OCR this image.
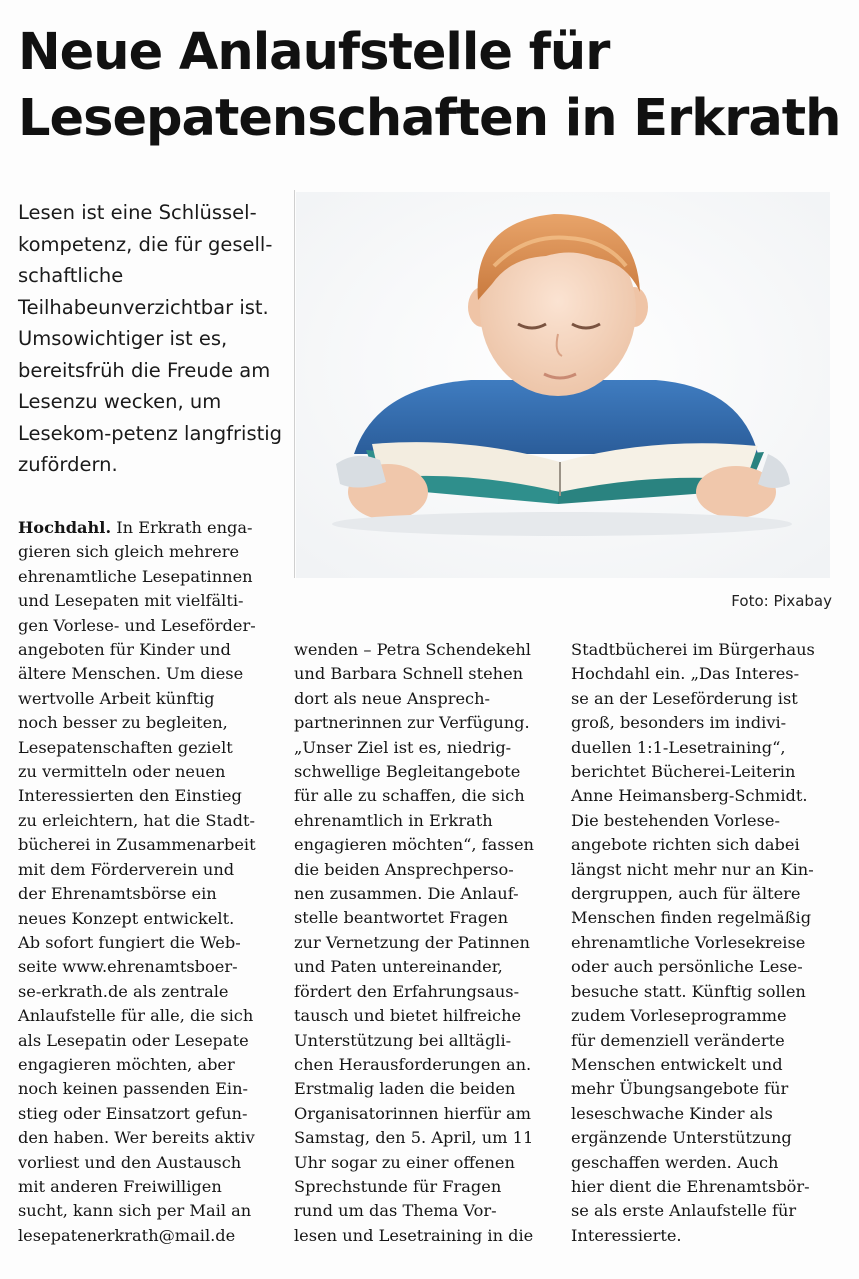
Neue Anlaufstelle für
Lesepatenschaften in Erkrath
Lesen ist eine Schlüssel-kompetenz, die für gesell-schaftliche Teilhabeunverzichtbar ist. Umsowichtiger ist es, bereitsfrüh die Freude am Lesenzu wecken, um Lesekom-petenz langfristig zufördern.
Foto: Pixabay
Hochdahl. In Erkrath enga-
gieren sich gleich mehrere
ehrenamtliche Lesepatinnen
und Lesepaten mit vielfälti-
gen Vorlese- und Leseförder-
angeboten für Kinder und
ältere Menschen. Um diese
wertvolle Arbeit künftig
noch besser zu begleiten,
Lesepatenschaften gezielt
zu vermitteln oder neuen
Interessierten den Einstieg
zu erleichtern, hat die Stadt-
bücherei in Zusammenarbeit
mit dem Förderverein und
der Ehrenamtsbörse ein
neues Konzept entwickelt.
Ab sofort fungiert die Web-
seite www.ehrenamtsboer-
se-erkrath.de als zentrale
Anlaufstelle für alle, die sich
als Lesepatin oder Lesepate
engagieren möchten, aber
noch keinen passenden Ein-
stieg oder Einsatzort gefun-
den haben. Wer bereits aktiv
vorliest und den Austausch
mit anderen Freiwilligen
sucht, kann sich per Mail an
lesepatenerkrath@mail.de
wenden – Petra Schendekehl
und Barbara Schnell stehen
dort als neue Ansprech-
partnerinnen zur Verfügung.
„Unser Ziel ist es, niedrig-
schwellige Begleitangebote
für alle zu schaffen, die sich
ehrenamtlich in Erkrath
engagieren möchten“, fassen
die beiden Ansprechperso-
nen zusammen. Die Anlauf-
stelle beantwortet Fragen
zur Vernetzung der Patinnen
und Paten untereinander,
fördert den Erfahrungsaus-
tausch und bietet hilfreiche
Unterstützung bei alltägli-
chen Herausforderungen an.
Erstmalig laden die beiden
Organisatorinnen hierfür am
Samstag, den 5. April, um 11
Uhr sogar zu einer offenen
Sprechstunde für Fragen
rund um das Thema Vor-
lesen und Lesetraining in die
Stadtbücherei im Bürgerhaus
Hochdahl ein. „Das Interes-
se an der Leseförderung ist
groß, besonders im indivi-
duellen 1:1-Lesetraining“,
berichtet Bücherei-Leiterin
Anne Heimansberg-Schmidt.
Die bestehenden Vorlese-
angebote richten sich dabei
längst nicht mehr nur an Kin-
dergruppen, auch für ältere
Menschen finden regelmäßig
ehrenamtliche Vorlesekreise
oder auch persönliche Lese-
besuche statt. Künftig sollen
zudem Vorleseprogramme
für demenziell veränderte
Menschen entwickelt und
mehr Übungsangebote für
leseschwache Kinder als
ergänzende Unterstützung
geschaffen werden. Auch
hier dient die Ehrenamtsbör-
se als erste Anlaufstelle für
Interessierte.
